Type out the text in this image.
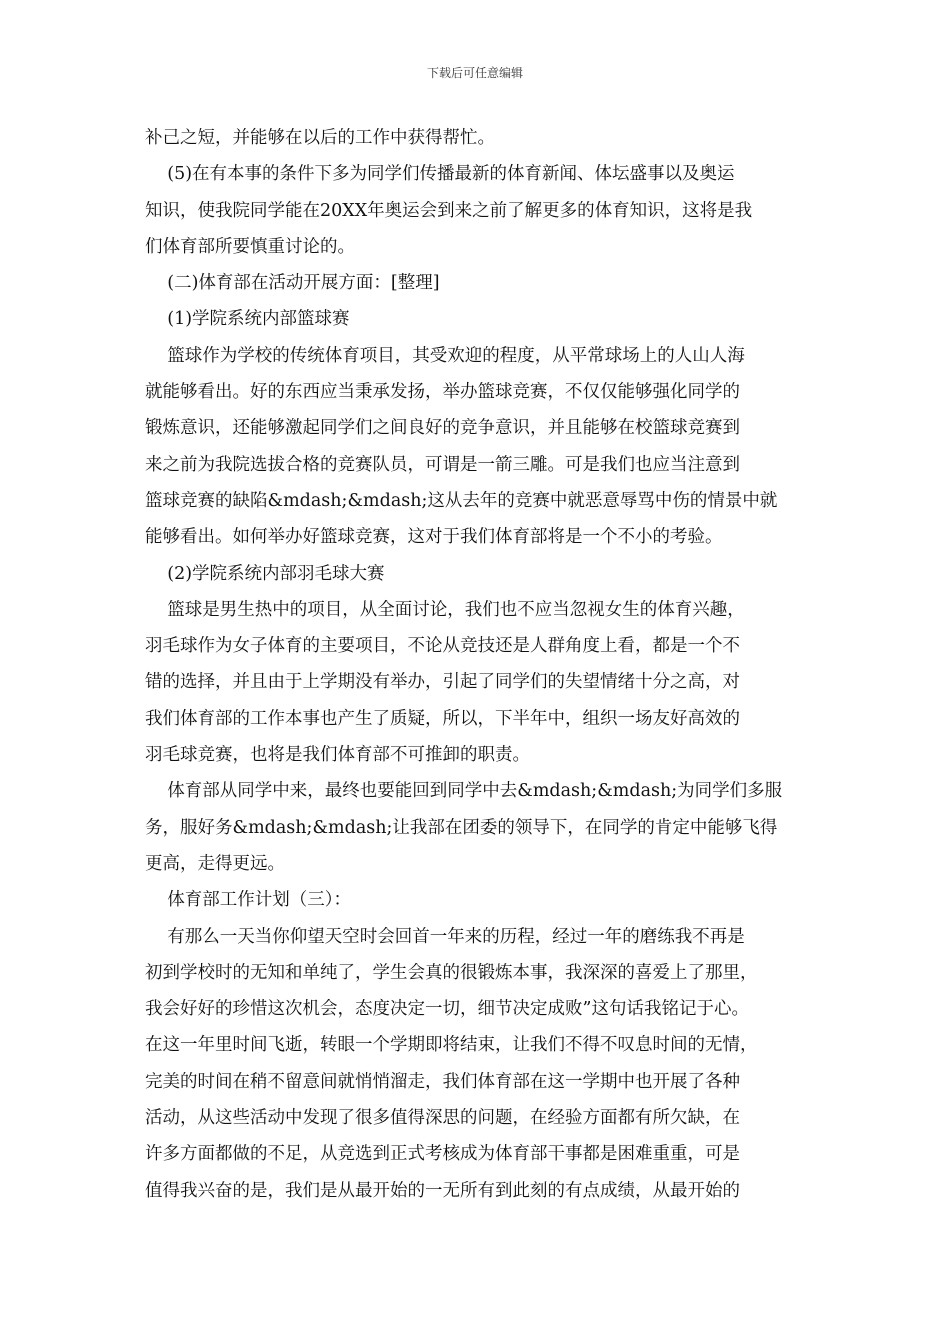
下载后可任意编辑
补己之短，并能够在以后的工作中获得帮忙。
(5)在有本事的条件下多为同学们传播最新的体育新闻、体坛盛事以及奥运
知识，使我院同学能在20XX年奥运会到来之前了解更多的体育知识，这将是我
们体育部所要慎重讨论的。
(二)体育部在活动开展方面：[整理]
(1)学院系统内部篮球赛
篮球作为学校的传统体育项目，其受欢迎的程度，从平常球场上的人山人海
就能够看出。好的东西应当秉承发扬，举办篮球竞赛，不仅仅能够强化同学的
锻炼意识，还能够激起同学们之间良好的竞争意识，并且能够在校篮球竞赛到
来之前为我院选拔合格的竞赛队员，可谓是一箭三雕。可是我们也应当注意到
篮球竞赛的缺陷&mdash;&mdash;这从去年的竞赛中就恶意辱骂中伤的情景中就
能够看出。如何举办好篮球竞赛，这对于我们体育部将是一个不小的考验。
(2)学院系统内部羽毛球大赛
篮球是男生热中的项目，从全面讨论，我们也不应当忽视女生的体育兴趣，
羽毛球作为女子体育的主要项目，不论从竞技还是人群角度上看，都是一个不
错的选择，并且由于上学期没有举办，引起了同学们的失望情绪十分之高，对
我们体育部的工作本事也产生了质疑，所以，下半年中，组织一场友好高效的
羽毛球竞赛，也将是我们体育部不可推卸的职责。
体育部从同学中来，最终也要能回到同学中去&mdash;&mdash;为同学们多服
务，服好务&mdash;&mdash;让我部在团委的领导下，在同学的肯定中能够飞得
更高，走得更远。
体育部工作计划（三）：
有那么一天当你仰望天空时会回首一年来的历程，经过一年的磨练我不再是
初到学校时的无知和单纯了，学生会真的很锻炼本事，我深深的喜爱上了那里，
我会好好的珍惜这次机会，态度决定一切，细节决定成败”这句话我铭记于心。
在这一年里时间飞逝，转眼一个学期即将结束，让我们不得不叹息时间的无情，
完美的时间在稍不留意间就悄悄溜走，我们体育部在这一学期中也开展了各种
活动，从这些活动中发现了很多值得深思的问题，在经验方面都有所欠缺，在
许多方面都做的不足，从竞选到正式考核成为体育部干事都是困难重重，可是
值得我兴奋的是，我们是从最开始的一无所有到此刻的有点成绩，从最开始的
